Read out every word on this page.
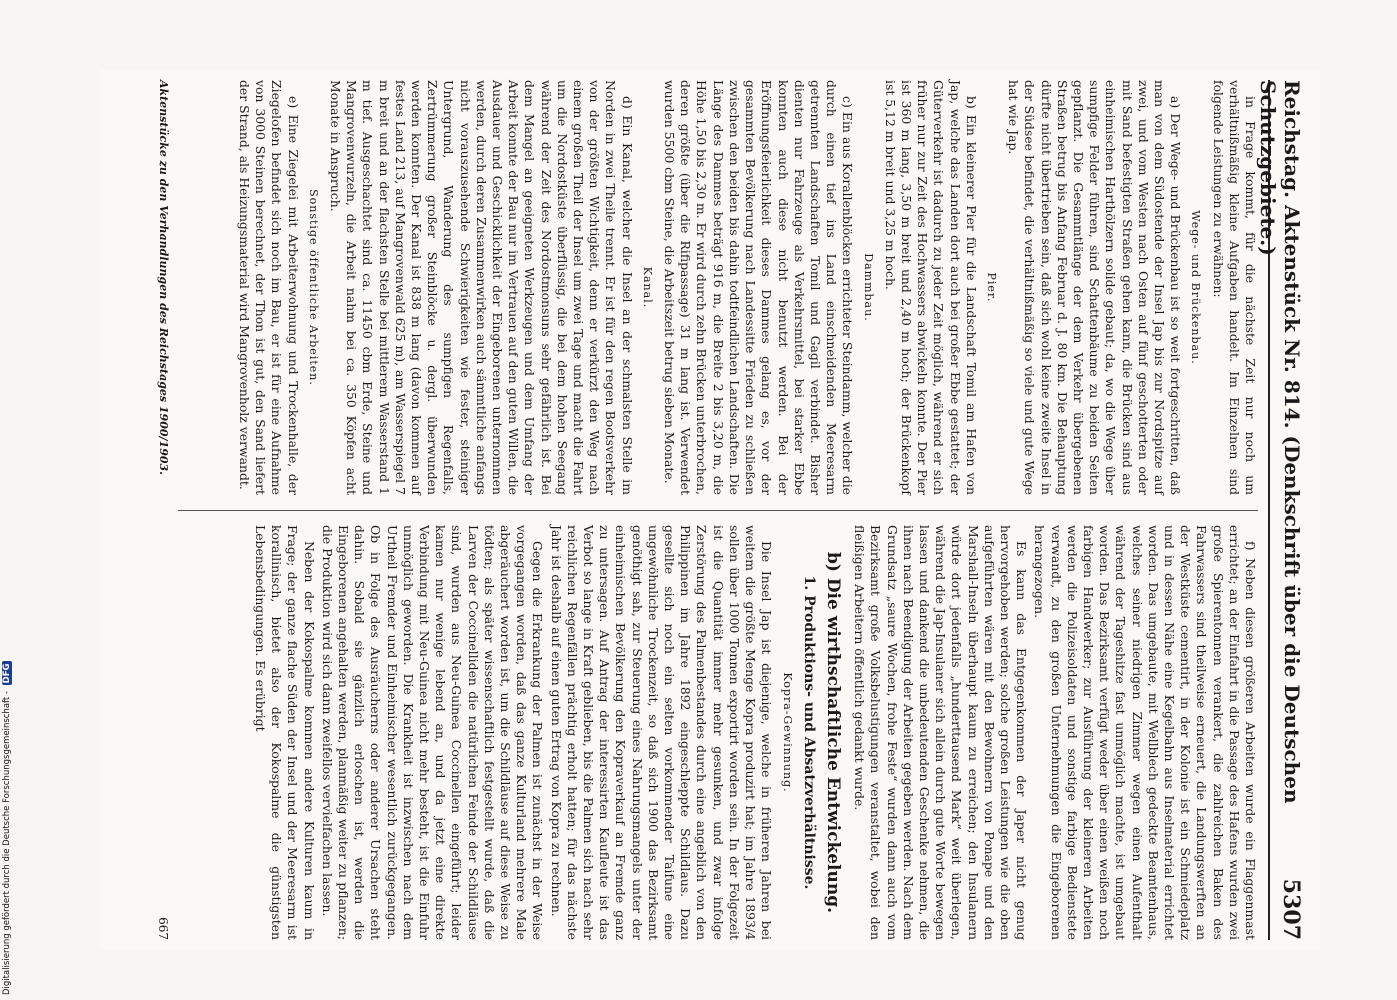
Reichstag. Aktenstück Nr. 814. (Denkschrift über die Deutschen Schutzgebiete.)
5307

in Frage kommt, für die nächste Zeit nur noch um verhältnißmäßig kleine Aufgaben handelt. Im Einzelnen sind folgende Leistungen zu erwähnen:

Wege- und Brückenbau.

a) Der Wege- und Brückenbau ist so weit fortgeschritten, daß man von dem Südostende der Insel Jap bis zur Nordspitze auf zwei, und vom Westen nach Osten auf fünf geschotterten oder mit Sand befestigten Straßen gehen kann, die Brücken sind aus einheimischen Harthölzern solide gebaut; da, wo die Wege über sumpfige Felder führen, sind Schattenbäume zu beiden Seiten gepflanzt. Die Gesammtlänge der dem Verkehr übergebenen Straßen betrug bis Anfang Februar d. J. 80 km. Die Behauptung dürfte nicht übertrieben sein, daß sich wohl keine zweite Insel in der Südsee befindet, die verhältnißmäßig so viele und gute Wege hat wie Jap.

Pier.

b) Ein kleinerer Pier für die Landschaft Tomil am Hafen von Jap, welche das Landen dort auch bei großer Ebbe gestattet; der Güterverkehr ist dadurch zu jeder Zeit möglich, während er sich früher nur zur Zeit des Hochwassers abwickeln konnte. Der Pier ist 360 m lang, 3,50 m breit und 2,40 m hoch; der Brückenkopf ist 5,12 m breit und 3,25 m hoch.

Dammbau.

c) Ein aus Korallenblöcken errichteter Steindamm, welcher die durch einen tief ins Land einschneidenden Meeresarm getrennten Landschaften Tomil und Gagil verbindet. Bisher dienten nur Fahrzeuge als Verkehrsmittel, bei starker Ebbe konnten auch diese nicht benutzt werden. Bei der Eröffnungsfeierlichkeit dieses Dammes gelang es, vor der gesammten Bevölkerung nach Landessitte Frieden zu schließen zwischen den beiden bis dahin todtfeindlichen Landschaften. Die Länge des Dammes beträgt 916 m, die Breite 2 bis 3,20 m, die Höhe 1,50 bis 2,30 m. Er wird durch zehn Brücken unterbrochen, deren größte (über die Rifipassage) 31 m lang ist. Verwendet wurden 5500 cbm Steine, die Arbeitszeit betrug sieben Monate.

Kanal.

d) Ein Kanal, welcher die Insel an der schmalsten Stelle im Norden in zwei Theile trennt. Er ist für den regen Bootsverkehr von der größten Wichtigkeit, denn er verkürzt den Weg nach einem großen Theil der Insel um zwei Tage und macht die Fahrt um die Nordostküste überflüssig, die bei dem hohen Seegang während der Zeit des Nordostmonsuns sehr gefährlich ist. Bei dem Mangel an geeigneten Werkzeugen und dem Umfang der Arbeit konnte der Bau nur im Vertrauen auf den guten Willen, die Ausdauer und Geschicklichkeit der Eingeborenen unternommen werden, durch deren Zusammenwirken auch sämmtliche anfangs nicht vorauszusehende Schwierigkeiten wie fester, steiniger Untergrund, Wanderung des sumpfigen Regenfalls, Zertrümmerung großer Steinblöcke u. dergl. überwunden werden konnten. Der Kanal ist 838 m lang (davon kommen auf festes Land 213, auf Mangrovenwald 625 m), am Wasserspiegel 7 m breit und an der flachsten Stelle bei mittlerem Wasserstand 1 m tief. Ausgeschachtet sind ca. 11450 cbm Erde, Steine und Mangrovenwurzeln, die Arbeit nahm bei ca. 350 Köpfen acht Monate in Anspruch.

Sonstige öffentliche Arbeiten.

e) Eine Ziegelei mit Arbeiterwohnung und Trockenhalle, der Ziegelofen befindet sich noch im Bau, er ist für eine Aufnahme von 3000 Steinen berechnet, der Thon ist gut, den Sand liefert der Strand, als Heizungsmaterial wird Mangrovenholz verwandt.

f) Neben diesen größeren Arbeiten wurde ein Flaggenmast errichtet; an der Einfahrt in die Passage des Hafens wurden zwei große Spierentonnen verankert, die zahlreichen Baken des Fahrwassers sind theilweise erneuert, die Landungswerften an der Westküste cementirt, in der Kolonie ist ein Schmiedeplatz und in dessen Nähe eine Kegelbahn aus Inselmaterial errichtet worden. Das umgebaute, mit Wellblech gedeckte Beamtenhaus, welches seiner niedrigen Zimmer wegen einen Aufenthalt während der Tageshitze fast unmöglich machte, ist umgebaut worden. Das Bezirksamt verfügt weder über einen weißen noch farbigen Handwerker; zur Ausführung der kleineren Arbeiten werden die Polizeisoldaten und sonstige farbige Bedienstete verwandt, zu den großen Unternehmungen die Eingeborenen herangezogen.

Es kann das Entgegenkommen der Japer nicht genug hervorgehoben werden; solche großen Leistungen wie die oben aufgeführten wären mit den Bewohnern von Ponape und den Marshall-Inseln überhaupt kaum zu erreichen; den Insulanern würde dort jedenfalls „hunderttausend Mark“ weit überlegen, während die Jap-Insulaner sich allein durch gute Worte bewegen lassen und dankend die unbedeutenden Geschenke nehmen, die ihnen nach Beendigung der Arbeiten gegeben werden. Nach dem Grundsatz „saure Wochen, frohe Feste“ wurden dann auch vom Bezirksamt große Volksbelustigungen veranstaltet, wobei den fleißigen Arbeitern öffentlich gedankt wurde.

b) Die wirthschaftliche Entwickelung.
1. Produktions- und Absatzverhältnisse.
Kopra-Gewinnung.

Die Insel Jap ist diejenige, welche in früheren Jahren bei weitem die größte Menge Kopra produzirt hat; im Jahre 1893/4 sollen über 1000 Tonnen exportirt worden sein. In der Folgezeit ist die Quantität immer mehr gesunken, und zwar infolge Zerstörung des Palmenbestandes durch eine angeblich von den Philippinen im Jahre 1892 eingeschleppte Schildlaus. Dazu gesellte sich noch ein selten vorkommender Taifune eine ungewöhnliche Trockenzeit, so daß sich 1900 das Bezirksamt genöthigt sah, zur Steuerung eines Nahrungsmangels unter der einheimischen Bevölkerung den Kopraverkauf an Fremde ganz zu untersagen. Auf Antrag der interessirten Kaufleute ist das Verbot so lange in Kraft geblieben, bis die Palmen sich nach sehr reichlichen Regenfällen prächtig erholt hatten; für das nächste Jahr ist deshalb auf einen guten Ertrag von Kopra zu rechnen.

Gegen die Erkrankung der Palmen ist zunächst in der Weise vorgegangen worden, daß das ganze Kulturland mehrere Male abgeräuchert worden ist, um die Schildläuse auf diese Weise zu tödten; als später wissenschaftlich festgestellt wurde, daß die Larven der Coccinelliden die natürlichen Feinde der Schildläuse sind, wurden aus Neu-Guinea Coccinellen eingeführt; leider kamen nur wenige lebend an, und da jetzt eine direkte Verbindung mit Neu-Guinea nicht mehr besteht, ist die Einfuhr unmöglich geworden. Die Krankheit ist inzwischen nach dem Urtheil Fremder und Einheimischer wesentlich zurückgegangen. Ob in Folge des Ausräucherns oder anderer Ursachen steht dahin. Sobald sie gänzlich erloschen ist, werden die Eingeborenen angehalten werden, planmäßig weiter zu pflanzen; die Produktion wird sich dann zweifellos vervielfachen lassen.

Neben der Kokospalme kommen andere Kulturen kaum in Frage; der ganze flache Süden der Insel und der Meeresarm ist korallinisch, bietet also der Kokospalme die günstigsten Lebensbedingungen. Es erübrigt

Aktenstücke zu den Verhandlungen des Reichstages 1900/1903.
667
Digitalisierung gefördert durch die Deutsche Forschungsgemeinschaft - DFG
